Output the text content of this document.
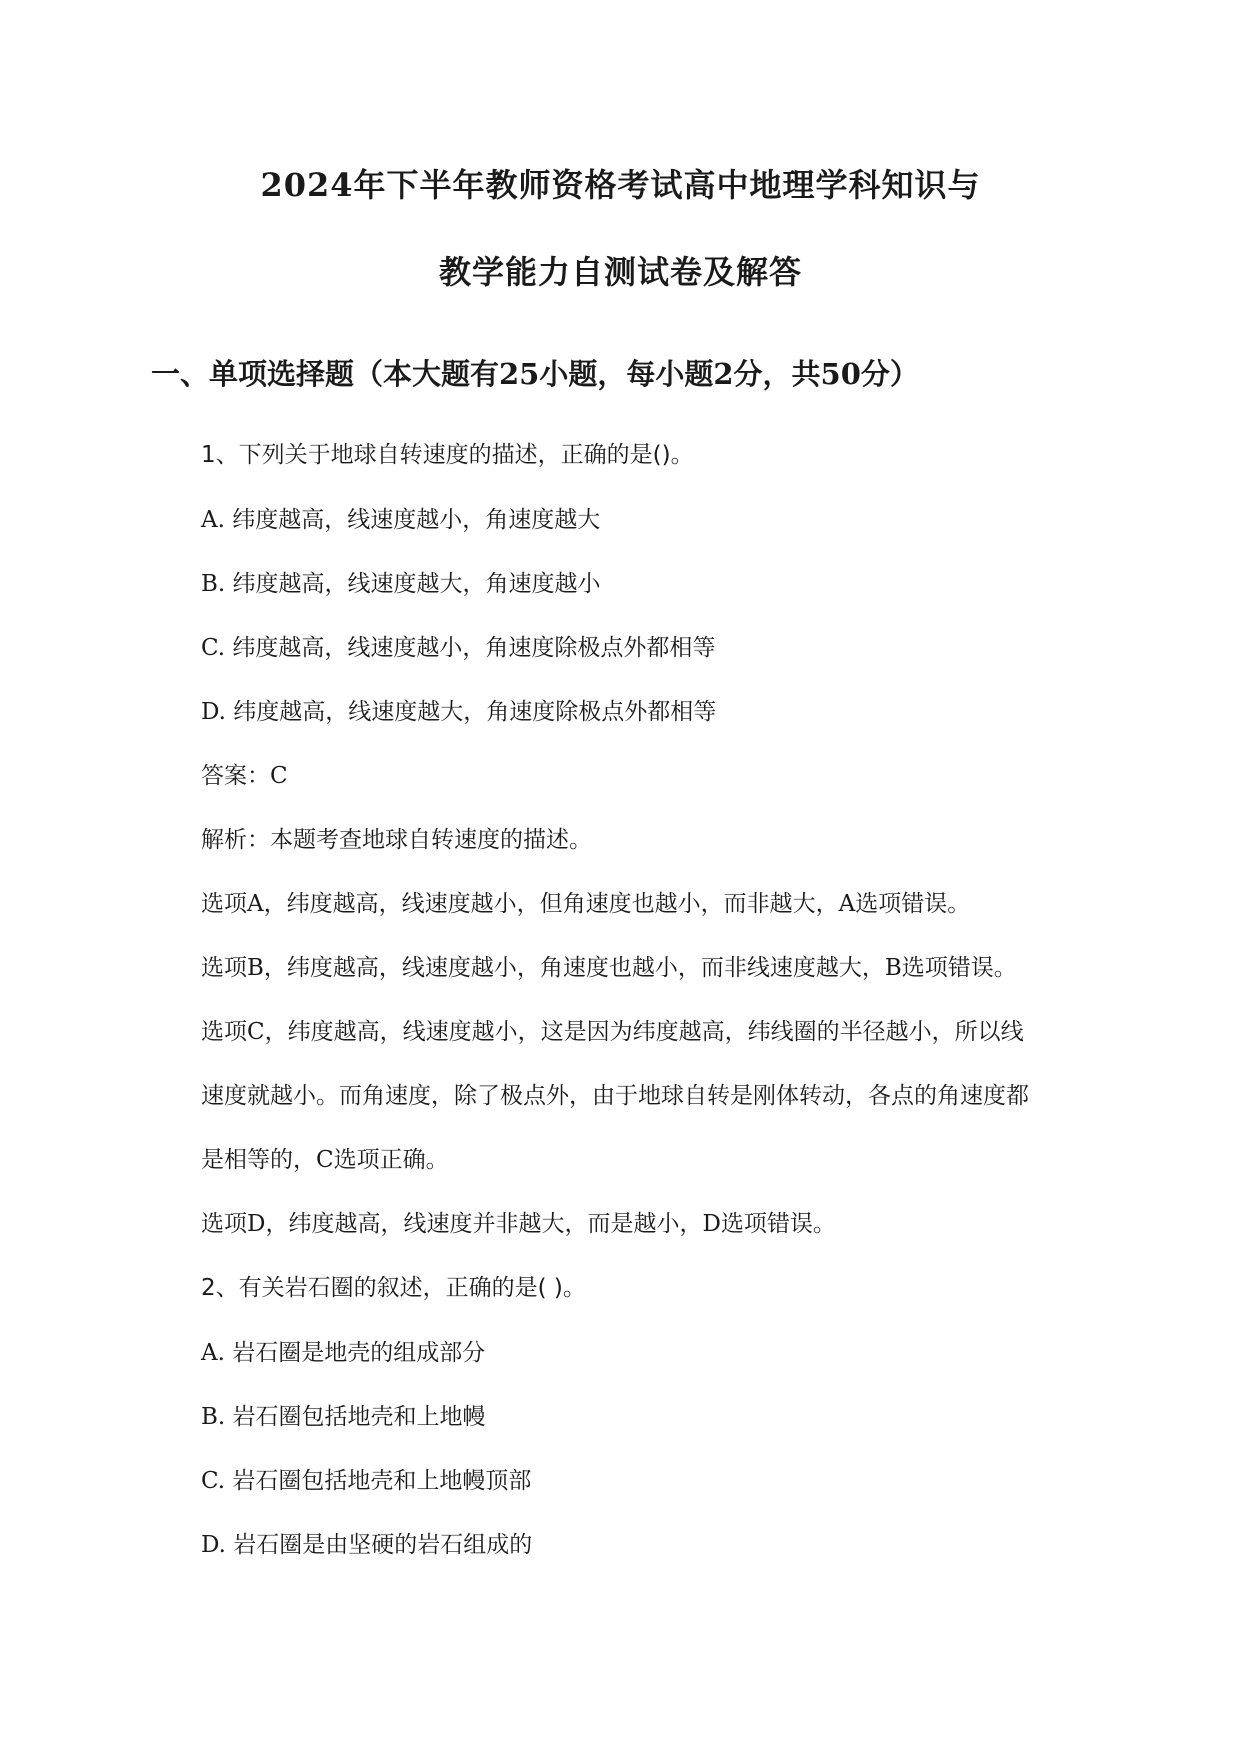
2024年下半年教师资格考试高中地理学科知识与
教学能力自测试卷及解答
一、单项选择题（本大题有25小题，每小题2分，共50分）
1、下列关于地球自转速度的描述，正确的是()。
A. 纬度越高，线速度越小，角速度越大
B. 纬度越高，线速度越大，角速度越小
C. 纬度越高，线速度越小，角速度除极点外都相等
D. 纬度越高，线速度越大，角速度除极点外都相等
答案：C
解析：本题考查地球自转速度的描述。
选项A，纬度越高，线速度越小，但角速度也越小，而非越大，A选项错误。
选项B，纬度越高，线速度越小，角速度也越小，而非线速度越大，B选项错误。
选项C，纬度越高，线速度越小，这是因为纬度越高，纬线圈的半径越小，所以线
速度就越小。而角速度，除了极点外，由于地球自转是刚体转动，各点的角速度都
是相等的，C选项正确。
选项D，纬度越高，线速度并非越大，而是越小，D选项错误。
2、有关岩石圈的叙述，正确的是( )。
A. 岩石圈是地壳的组成部分
B. 岩石圈包括地壳和上地幔
C. 岩石圈包括地壳和上地幔顶部
D. 岩石圈是由坚硬的岩石组成的
